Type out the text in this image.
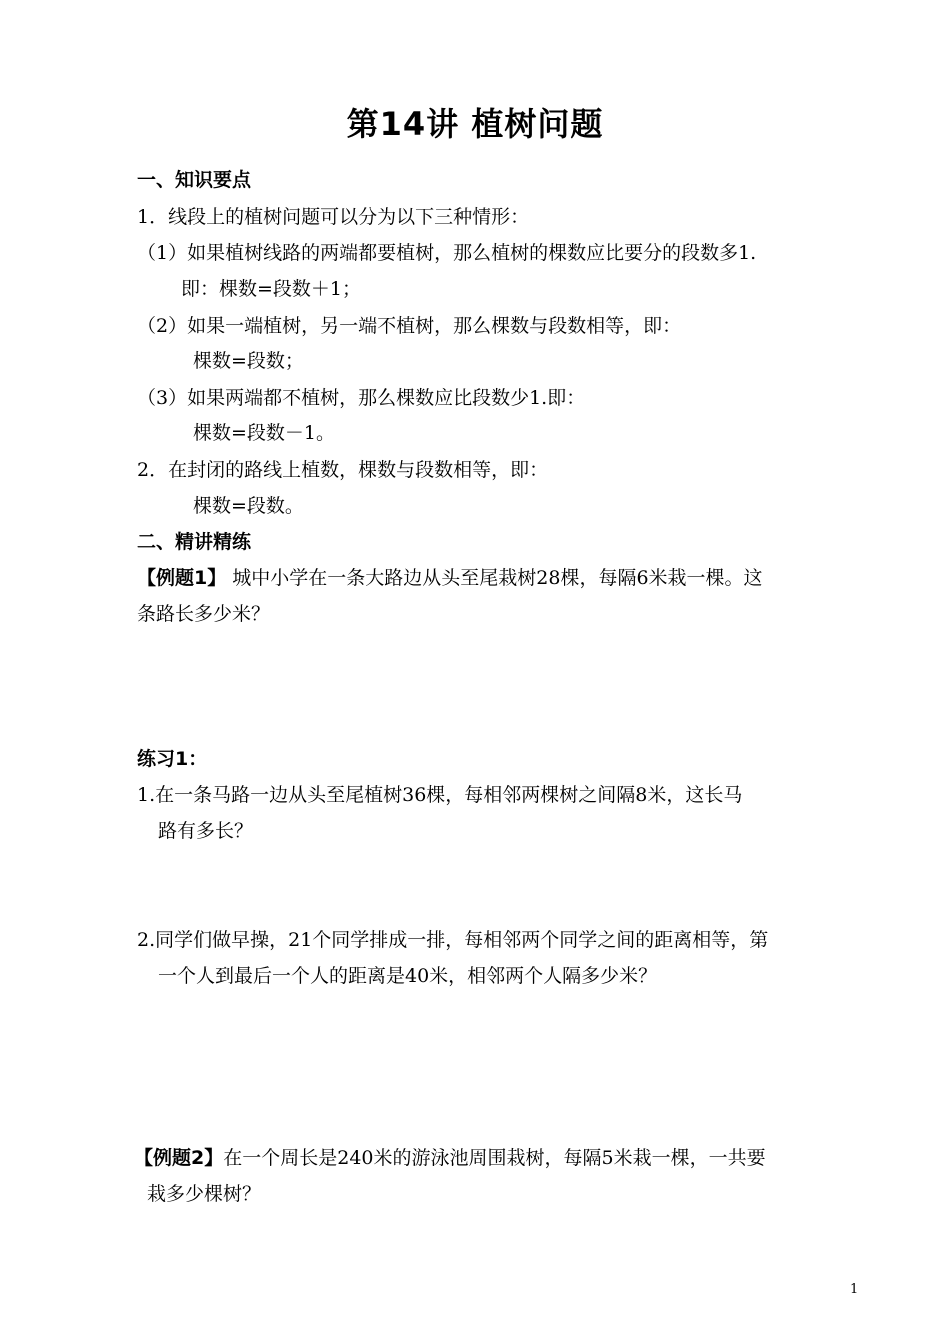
第14讲 植树问题
一、知识要点
1．线段上的植树问题可以分为以下三种情形：
（1）如果植树线路的两端都要植树，那么植树的棵数应比要分的段数多1.
即：棵数=段数＋1；
（2）如果一端植树，另一端不植树，那么棵数与段数相等，即：
棵数=段数；
（3）如果两端都不植树，那么棵数应比段数少1.即：
棵数=段数－1。
2．在封闭的路线上植数，棵数与段数相等，即：
棵数=段数。
二、精讲精练
【例题1】 城中小学在一条大路边从头至尾栽树28棵，每隔6米栽一棵。这
条路长多少米？
练习1：
1.在一条马路一边从头至尾植树36棵，每相邻两棵树之间隔8米，这长马
路有多长？
2.同学们做早操，21个同学排成一排，每相邻两个同学之间的距离相等，第
一个人到最后一个人的距离是40米，相邻两个人隔多少米？
【例题2】在一个周长是240米的游泳池周围栽树，每隔5米栽一棵，一共要
栽多少棵树？
1
